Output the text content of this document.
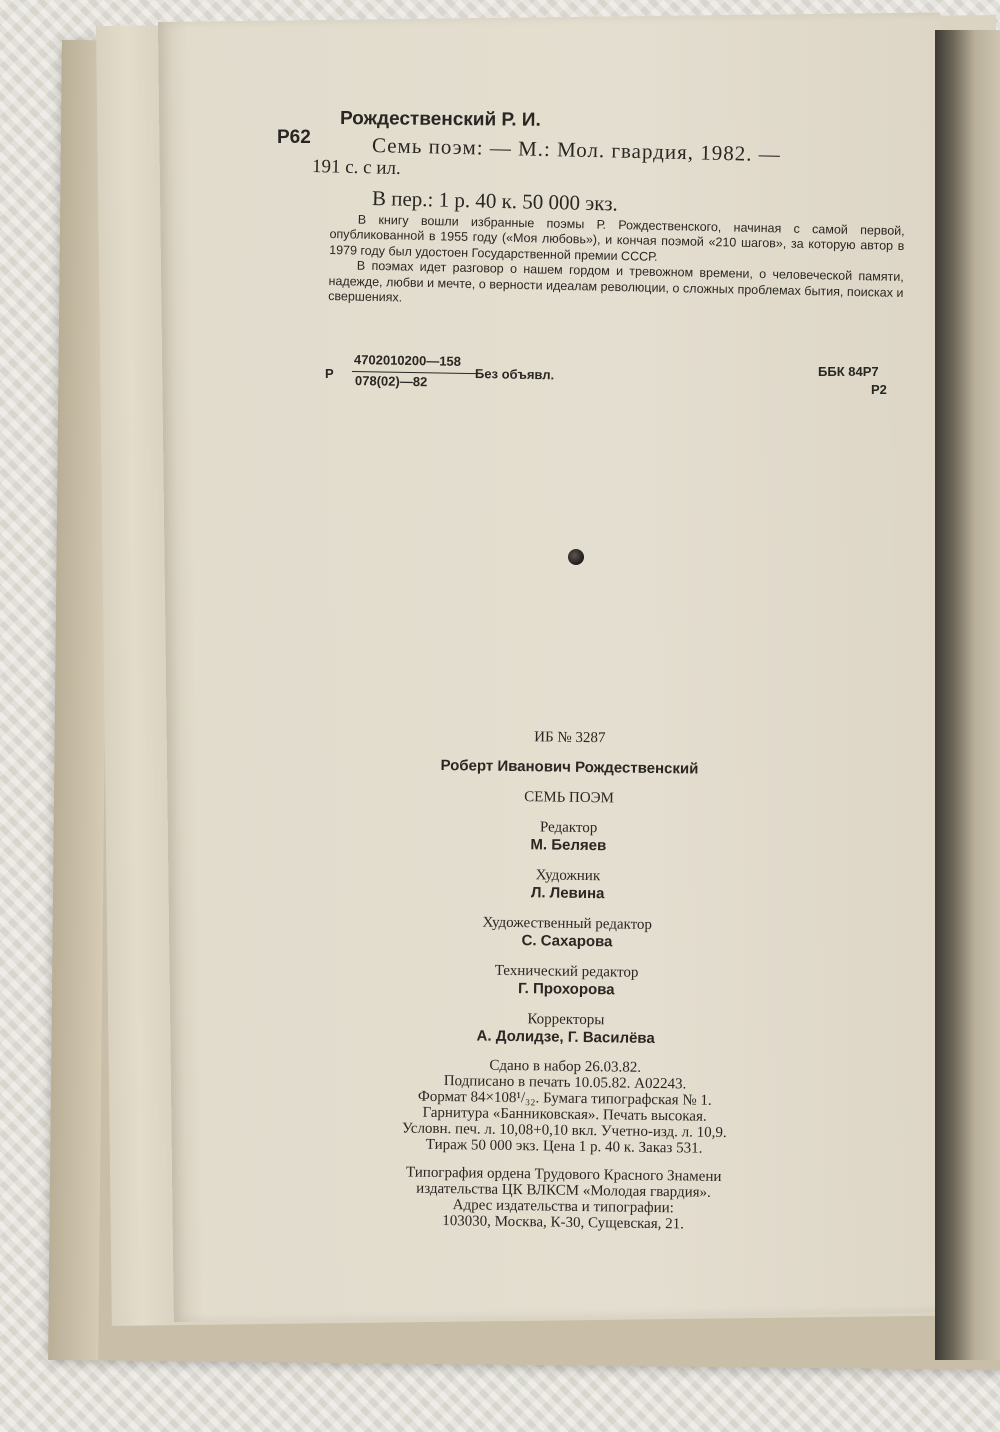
Рождественский Р. И.
Р62	Семь поэм: — М.: Мол. гвардия, 1982. —
191 с. с ил.
В пер.: 1 р. 40 к. 50 000 экз.

В книгу вошли избранные поэмы Р. Рождественского, начиная с самой первой, опубликованной в 1955 году («Моя любовь»), и кончая поэмой «210 шагов», за которую автор в 1979 году был удостоен Государственной премии СССР.

В поэмах идет разговор о нашем гордом и тревожном времени, о человеческой памяти, надежде, любви и мечте, о верности идеалам революции, о сложных проблемах бытия, поисках и свершениях.

Р
4702010200—158
078(02)—82	Без объявл.	ББК 84Р7
Р2
ИБ № 3287
Роберт Иванович Рождественский
СЕМЬ ПОЭМ
Редактор
М. Беляев
Художник
Л. Левина
Художественный редактор
С. Сахарова
Технический редактор
Г. Прохорова
Корректоры
А. Долидзе, Г. Василёва
Сдано в набор 26.03.82.
Подписано в печать 10.05.82. А02243.
Формат 84×108¹/₃₂. Бумага типографская № 1.
Гарнитура «Банниковская». Печать высокая.
Условн. печ. л. 10,08+0,10 вкл. Учетно-изд. л. 10,9.
Тираж 50 000 экз. Цена 1 р. 40 к. Заказ 531.
Типография ордена Трудового Красного Знамени
издательства ЦК ВЛКСМ «Молодая гвардия».
Адрес издательства и типографии:
103030, Москва, К-30, Сущевская, 21.
